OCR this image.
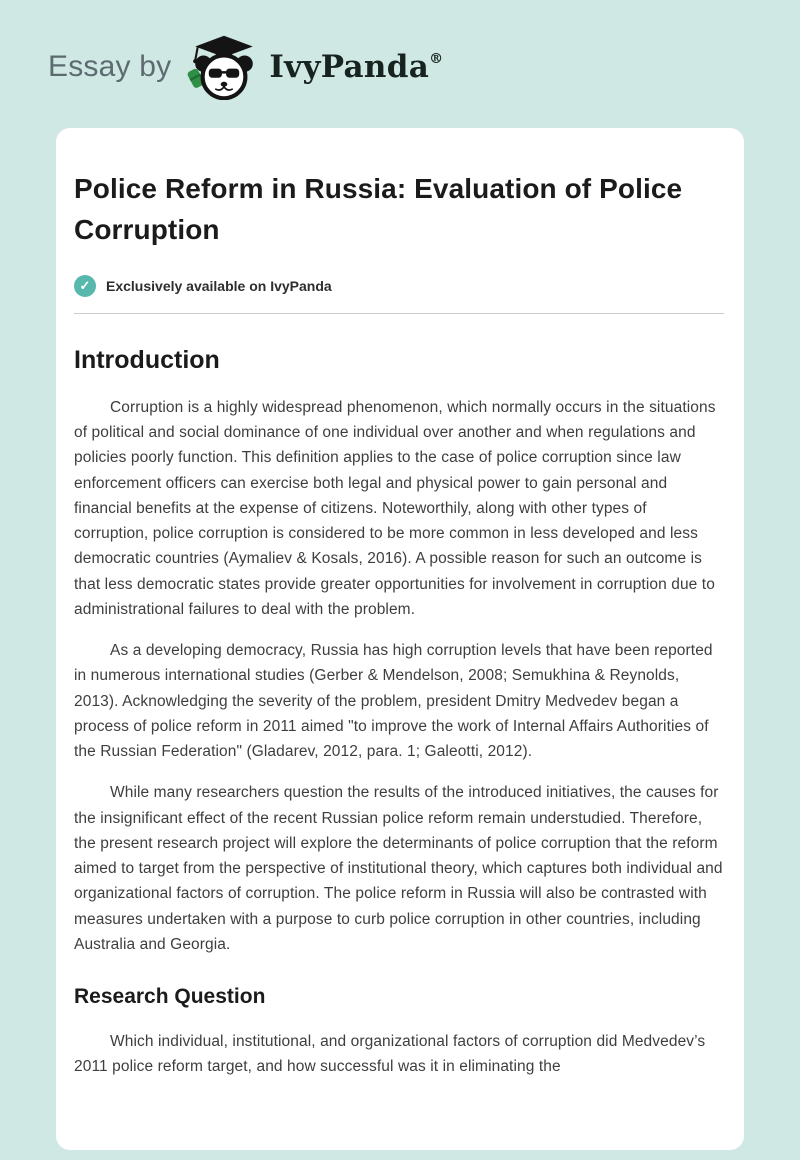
Essay by	IvyPanda®
Police Reform in Russia: Evaluation of Police Corruption
✓	Exclusively available on IvyPanda
Introduction

Corruption is a highly widespread phenomenon, which normally occurs in the situations of political and social dominance of one individual over another and when regulations and policies poorly function. This definition applies to the case of police corruption since law enforcement officers can exercise both legal and physical power to gain personal and financial benefits at the expense of citizens. Noteworthily, along with other types of corruption, police corruption is considered to be more common in less developed and less democratic countries (Aymaliev & Kosals, 2016). A possible reason for such an outcome is that less democratic states provide greater opportunities for involvement in corruption due to administrational failures to deal with the problem.

As a developing democracy, Russia has high corruption levels that have been reported in numerous international studies (Gerber & Mendelson, 2008; Semukhina & Reynolds, 2013). Acknowledging the severity of the problem, president Dmitry Medvedev began a process of police reform in 2011 aimed "to improve the work of Internal Affairs Authorities of the Russian Federation" (Gladarev, 2012, para. 1; Galeotti, 2012).

While many researchers question the results of the introduced initiatives, the causes for the insignificant effect of the recent Russian police reform remain understudied. Therefore, the present research project will explore the determinants of police corruption that the reform aimed to target from the perspective of institutional theory, which captures both individual and organizational factors of corruption. The police reform in Russia will also be contrasted with measures undertaken with a purpose to curb police corruption in other countries, including Australia and Georgia.

Research Question

Which individual, institutional, and organizational factors of corruption did Medvedev’s 2011 police reform target, and how successful was it in eliminating the
